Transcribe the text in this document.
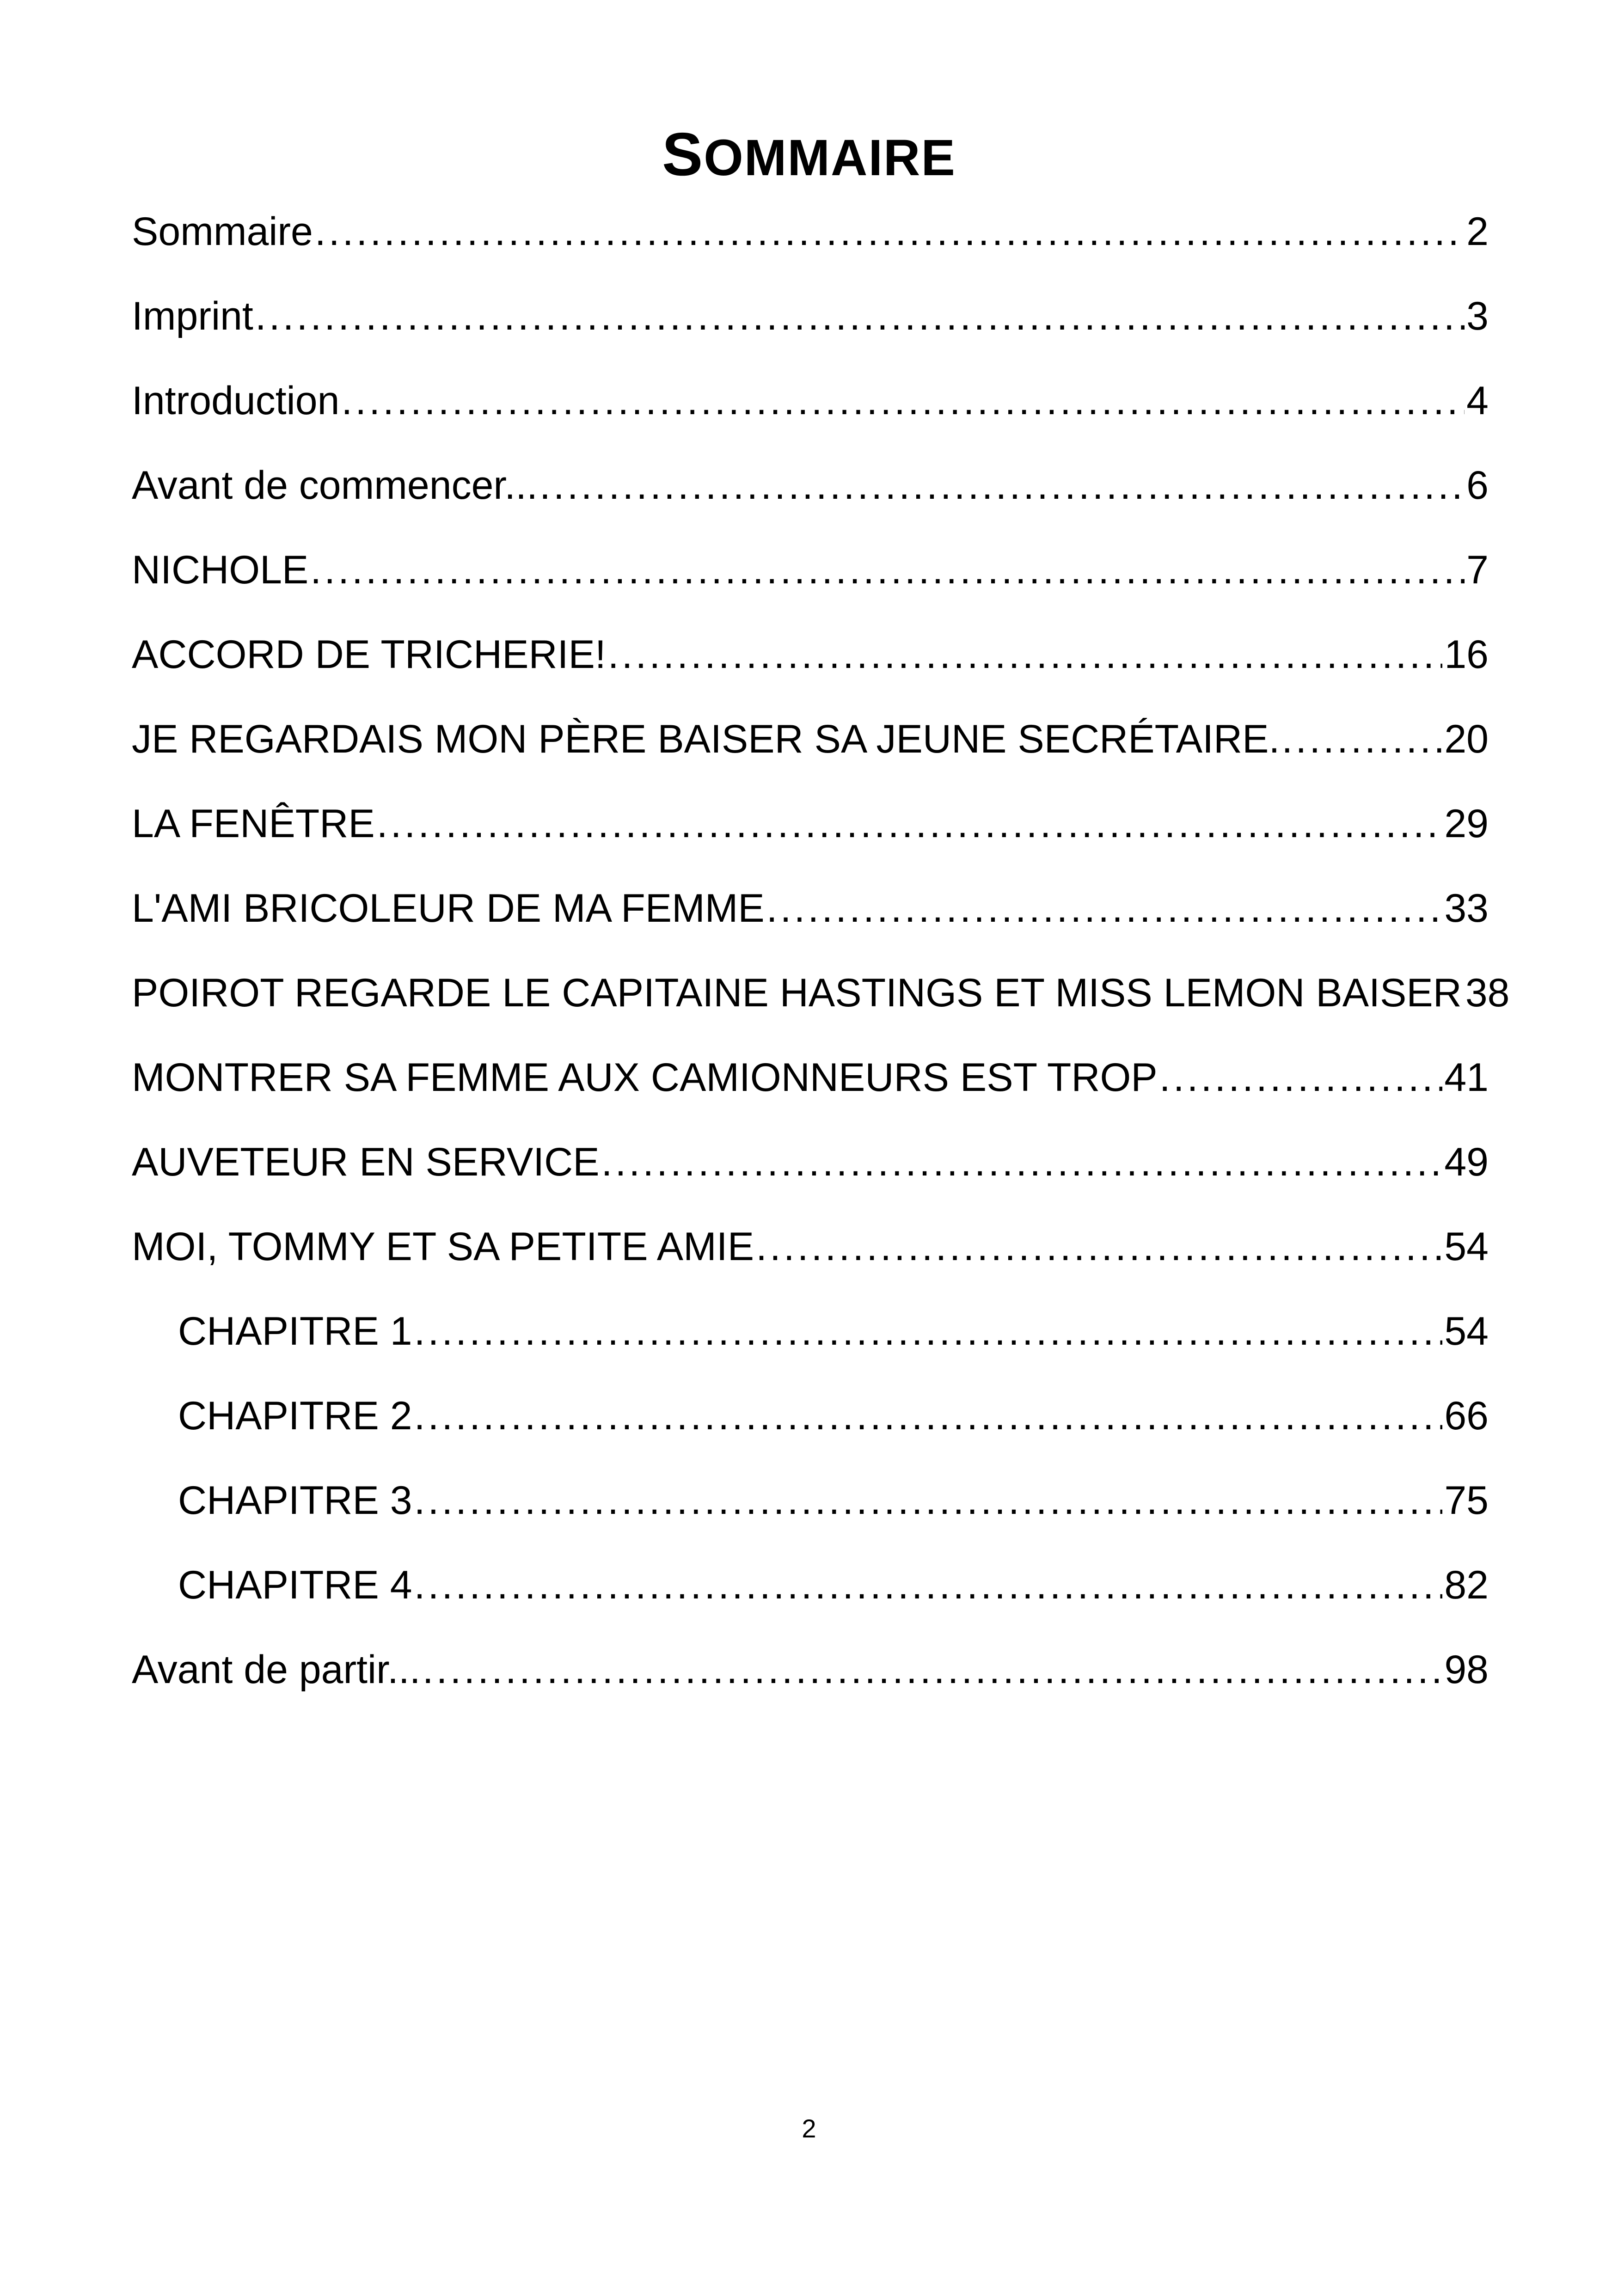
SOMMAIRE
Sommaire .....	2
Imprint .....	3
Introduction .....	4
Avant de commencer... .....	6
NICHOLE .....	7
ACCORD DE TRICHERIE! .....	16
JE REGARDAIS MON PÈRE BAISER SA JEUNE SECRÉTAIRE. .....	20
LA FENÊTRE .....	29
L'AMI BRICOLEUR DE MA FEMME .....	33
POIROT REGARDE LE CAPITAINE HASTINGS ET MISS LEMON BAISER 38
MONTRER SA FEMME AUX CAMIONNEURS EST TROP .....	41
AUVETEUR EN SERVICE .....	49
MOI, TOMMY ET SA PETITE AMIE .....	54
CHAPITRE 1 .....	54
CHAPITRE 2 .....	66
CHAPITRE 3 .....	75
CHAPITRE 4 .....	82
Avant de partir... .....	98
2
